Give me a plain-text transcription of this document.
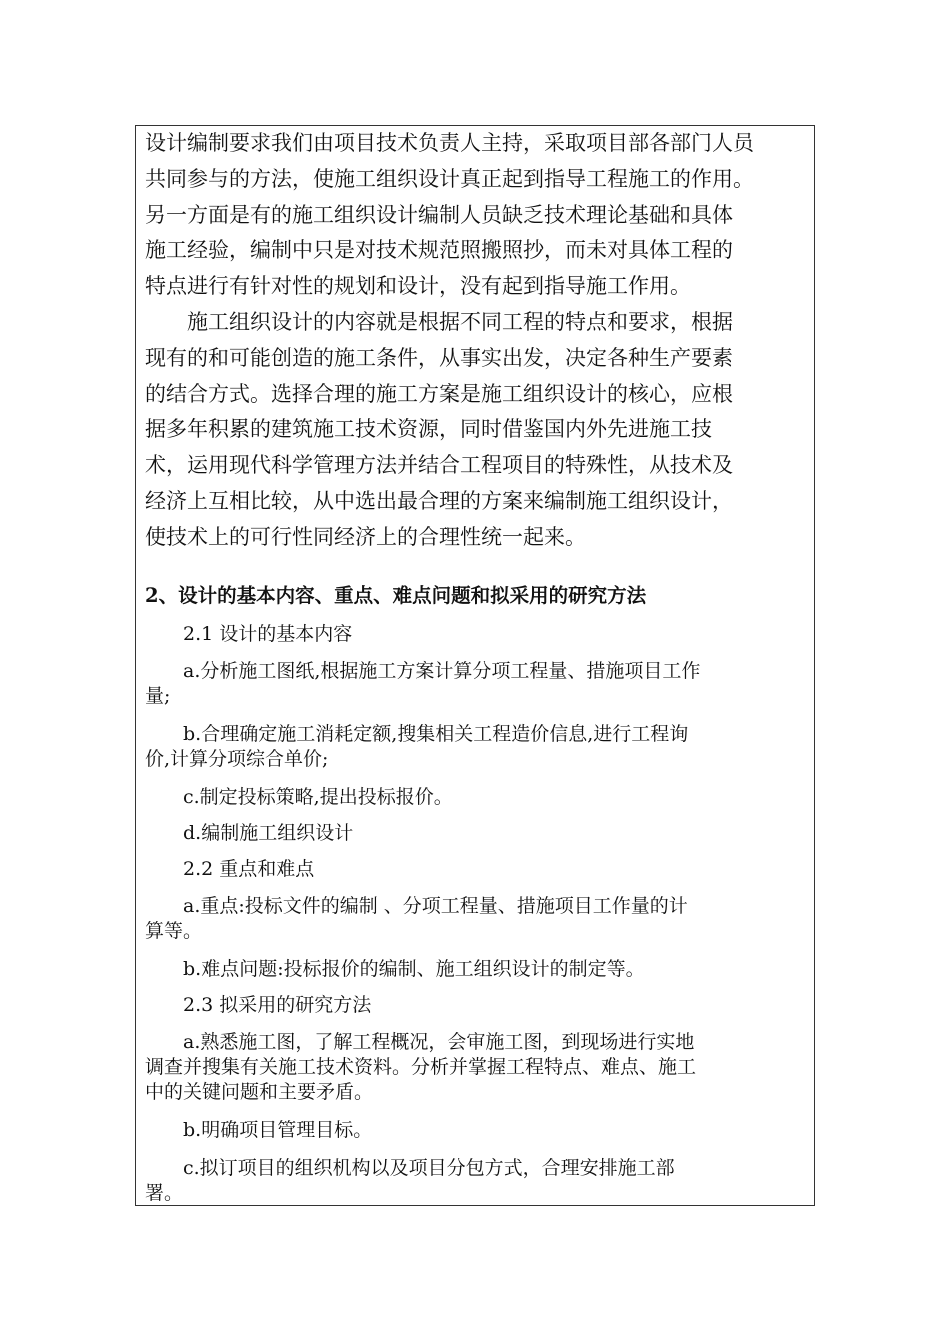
设计编制要求我们由项目技术负责人主持，采取项目部各部门人员
共同参与的方法，使施工组织设计真正起到指导工程施工的作用。
另一方面是有的施工组织设计编制人员缺乏技术理论基础和具体
施工经验，编制中只是对技术规范照搬照抄，而未对具体工程的
特点进行有针对性的规划和设计，没有起到指导施工作用。
施工组织设计的内容就是根据不同工程的特点和要求，根据
现有的和可能创造的施工条件，从事实出发，决定各种生产要素
的结合方式。选择合理的施工方案是施工组织设计的核心，应根
据多年积累的建筑施工技术资源，同时借鉴国内外先进施工技
术，运用现代科学管理方法并结合工程项目的特殊性，从技术及
经济上互相比较，从中选出最合理的方案来编制施工组织设计，
使技术上的可行性同经济上的合理性统一起来。
2、设计的基本内容、重点、难点问题和拟采用的研究方法
2.1 设计的基本内容
a.分析施工图纸,根据施工方案计算分项工程量、措施项目工作
量;
b.合理确定施工消耗定额,搜集相关工程造价信息,进行工程询
价,计算分项综合单价;
c.制定投标策略,提出投标报价。
d.编制施工组织设计
2.2 重点和难点
a.重点:投标文件的编制 、分项工程量、措施项目工作量的计
算等。
b.难点问题:投标报价的编制、施工组织设计的制定等。
2.3 拟采用的研究方法
a.熟悉施工图，了解工程概况，会审施工图，到现场进行实地
调查并搜集有关施工技术资料。分析并掌握工程特点、难点、施工
中的关键问题和主要矛盾。
b.明确项目管理目标。
c.拟订项目的组织机构以及项目分包方式，合理安排施工部
署。
